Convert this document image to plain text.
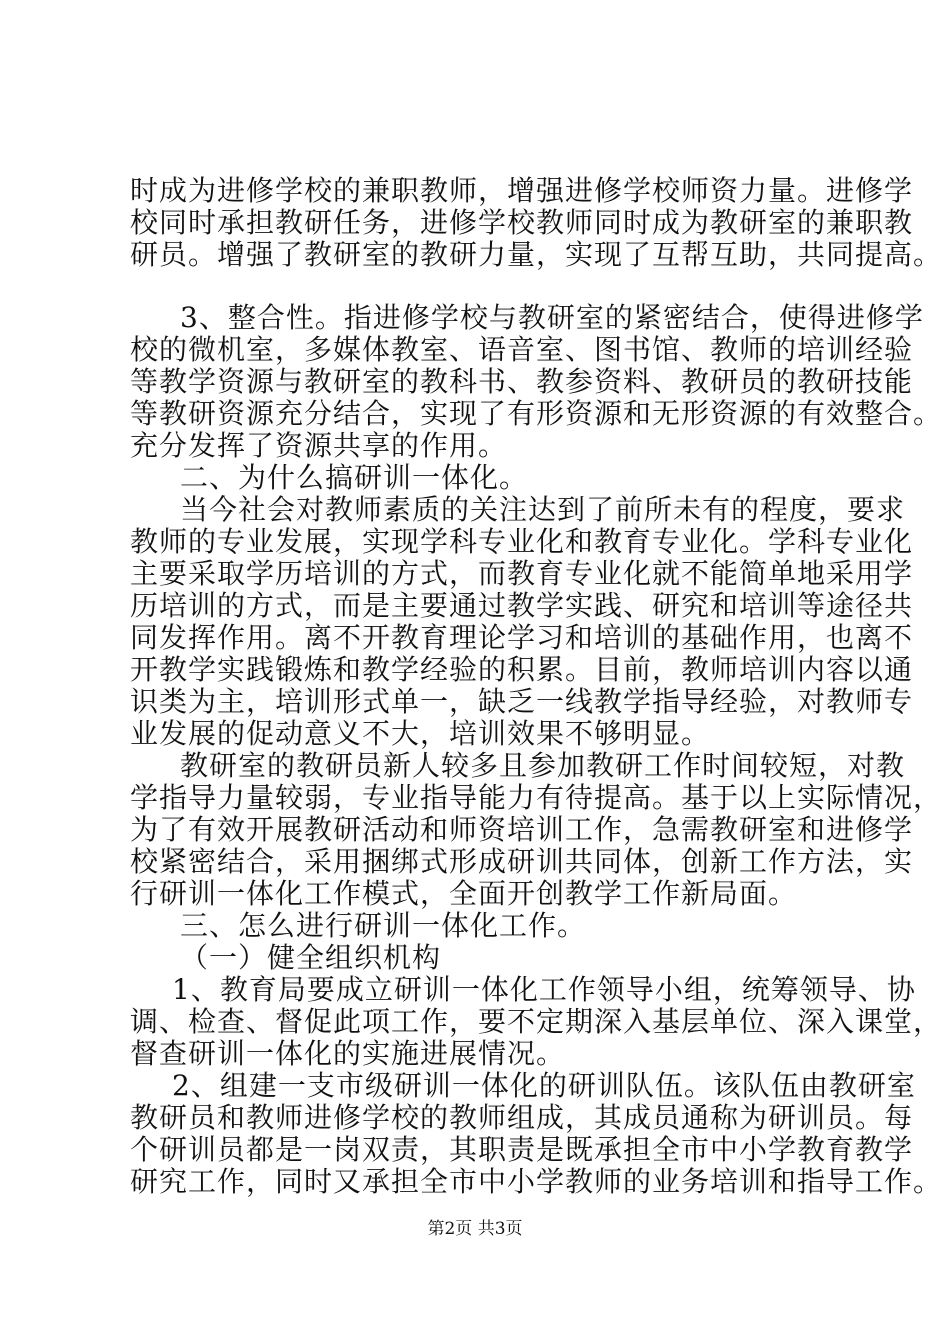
时成为进修学校的兼职教师，增强进修学校师资力量。进修学
校同时承担教研任务，进修学校教师同时成为教研室的兼职教
研员。增强了教研室的教研力量，实现了互帮互助，共同提高。
3、整合性。指进修学校与教研室的紧密结合，使得进修学
校的微机室，多媒体教室、语音室、图书馆、教师的培训经验
等教学资源与教研室的教科书、教参资料、教研员的教研技能
等教研资源充分结合，实现了有形资源和无形资源的有效整合。
充分发挥了资源共享的作用。
二、为什么搞研训一体化。
当今社会对教师素质的关注达到了前所未有的程度，要求
教师的专业发展，实现学科专业化和教育专业化。学科专业化
主要采取学历培训的方式，而教育专业化就不能简单地采用学
历培训的方式，而是主要通过教学实践、研究和培训等途径共
同发挥作用。离不开教育理论学习和培训的基础作用，也离不
开教学实践锻炼和教学经验的积累。目前，教师培训内容以通
识类为主，培训形式单一，缺乏一线教学指导经验，对教师专
业发展的促动意义不大，培训效果不够明显。
教研室的教研员新人较多且参加教研工作时间较短，对教
学指导力量较弱，专业指导能力有待提高。基于以上实际情况，
为了有效开展教研活动和师资培训工作，急需教研室和进修学
校紧密结合，采用捆绑式形成研训共同体，创新工作方法，实
行研训一体化工作模式，全面开创教学工作新局面。
三、怎么进行研训一体化工作。
（一）健全组织机构
1、教育局要成立研训一体化工作领导小组，统筹领导、协
调、检查、督促此项工作，要不定期深入基层单位、深入课堂，
督查研训一体化的实施进展情况。
2、组建一支市级研训一体化的研训队伍。该队伍由教研室
教研员和教师进修学校的教师组成，其成员通称为研训员。每
个研训员都是一岗双责，其职责是既承担全市中小学教育教学
研究工作，同时又承担全市中小学教师的业务培训和指导工作。
第2页 共3页
